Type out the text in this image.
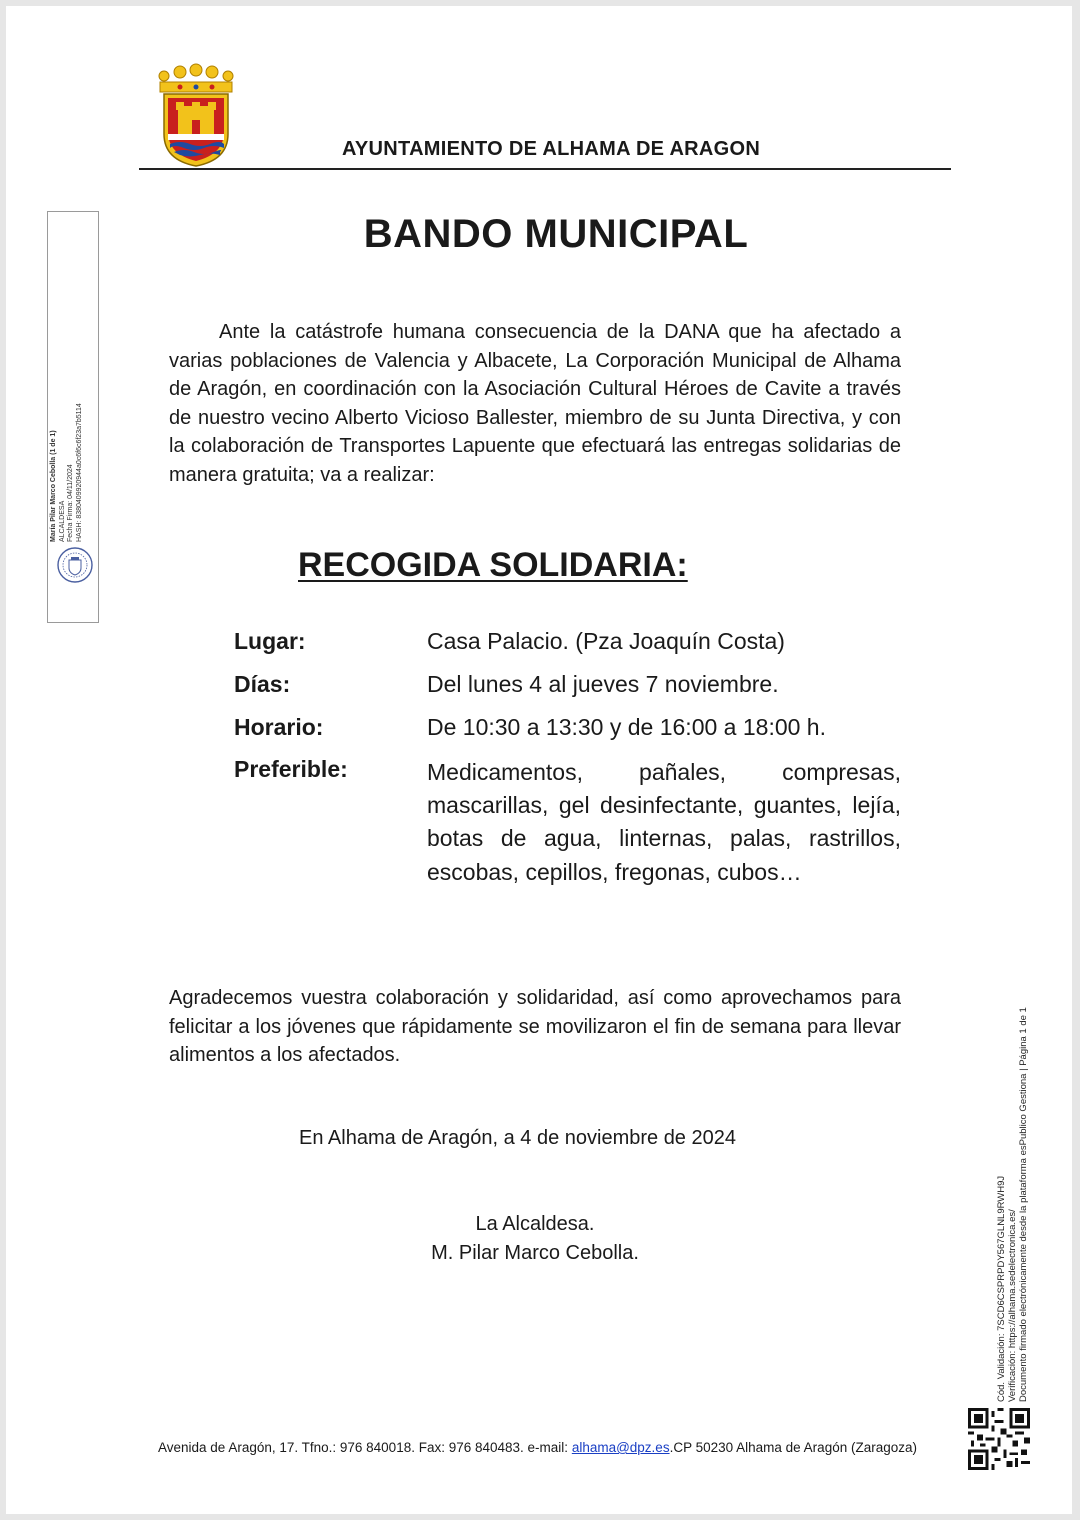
AYUNTAMIENTO DE ALHAMA DE ARAGON
María Pilar Marco Cebolla (1 de 1) ALCALDESA Fecha Firma: 04/11/2024 HASH: 8380409920944a0c6f6c6f23a7b5114
BANDO MUNICIPAL

Ante la catástrofe humana consecuencia de la DANA que ha afectado a varias poblaciones de Valencia y Albacete, La Corporación Municipal de Alhama de Aragón, en coordinación con la Asociación Cultural Héroes de Cavite a través de nuestro vecino Alberto Vicioso Ballester, miembro de su Junta Directiva, y con la colaboración de Transportes Lapuente que efectuará las entregas solidarias de manera gratuita; va a realizar:

RECOGIDA SOLIDARIA:
Lugar:	Casa Palacio. (Pza Joaquín Costa)
Días:	Del lunes 4 al jueves 7 noviembre.
Horario:	De 10:30 a 13:30 y de 16:00 a 18:00 h.
Preferible:	Medicamentos, pañales, compresas, mascarillas, gel desinfectante, guantes, lejía, botas de agua, linternas, palas, rastrillos, escobas, cepillos, fregonas, cubos…

Agradecemos vuestra colaboración y solidaridad, así como aprovechamos para felicitar a los jóvenes que rápidamente se movilizaron el fin de semana para llevar alimentos a los afectados.

En Alhama de Aragón, a 4 de noviembre de 2024
La Alcaldesa.
M. Pilar Marco Cebolla.	Cód. Validación: 7SCD6CSPRPDY567GLNL9RWH9J Verificación: https://alhama.sedelectronica.es/ Documento firmado electrónicamente desde la plataforma esPublico Gestiona | Página 1 de 1
Avenida de Aragón, 17. Tfno.: 976 840018. Fax: 976 840483. e-mail: alhama@dpz.es.CP 50230 Alhama de Aragón (Zaragoza)
